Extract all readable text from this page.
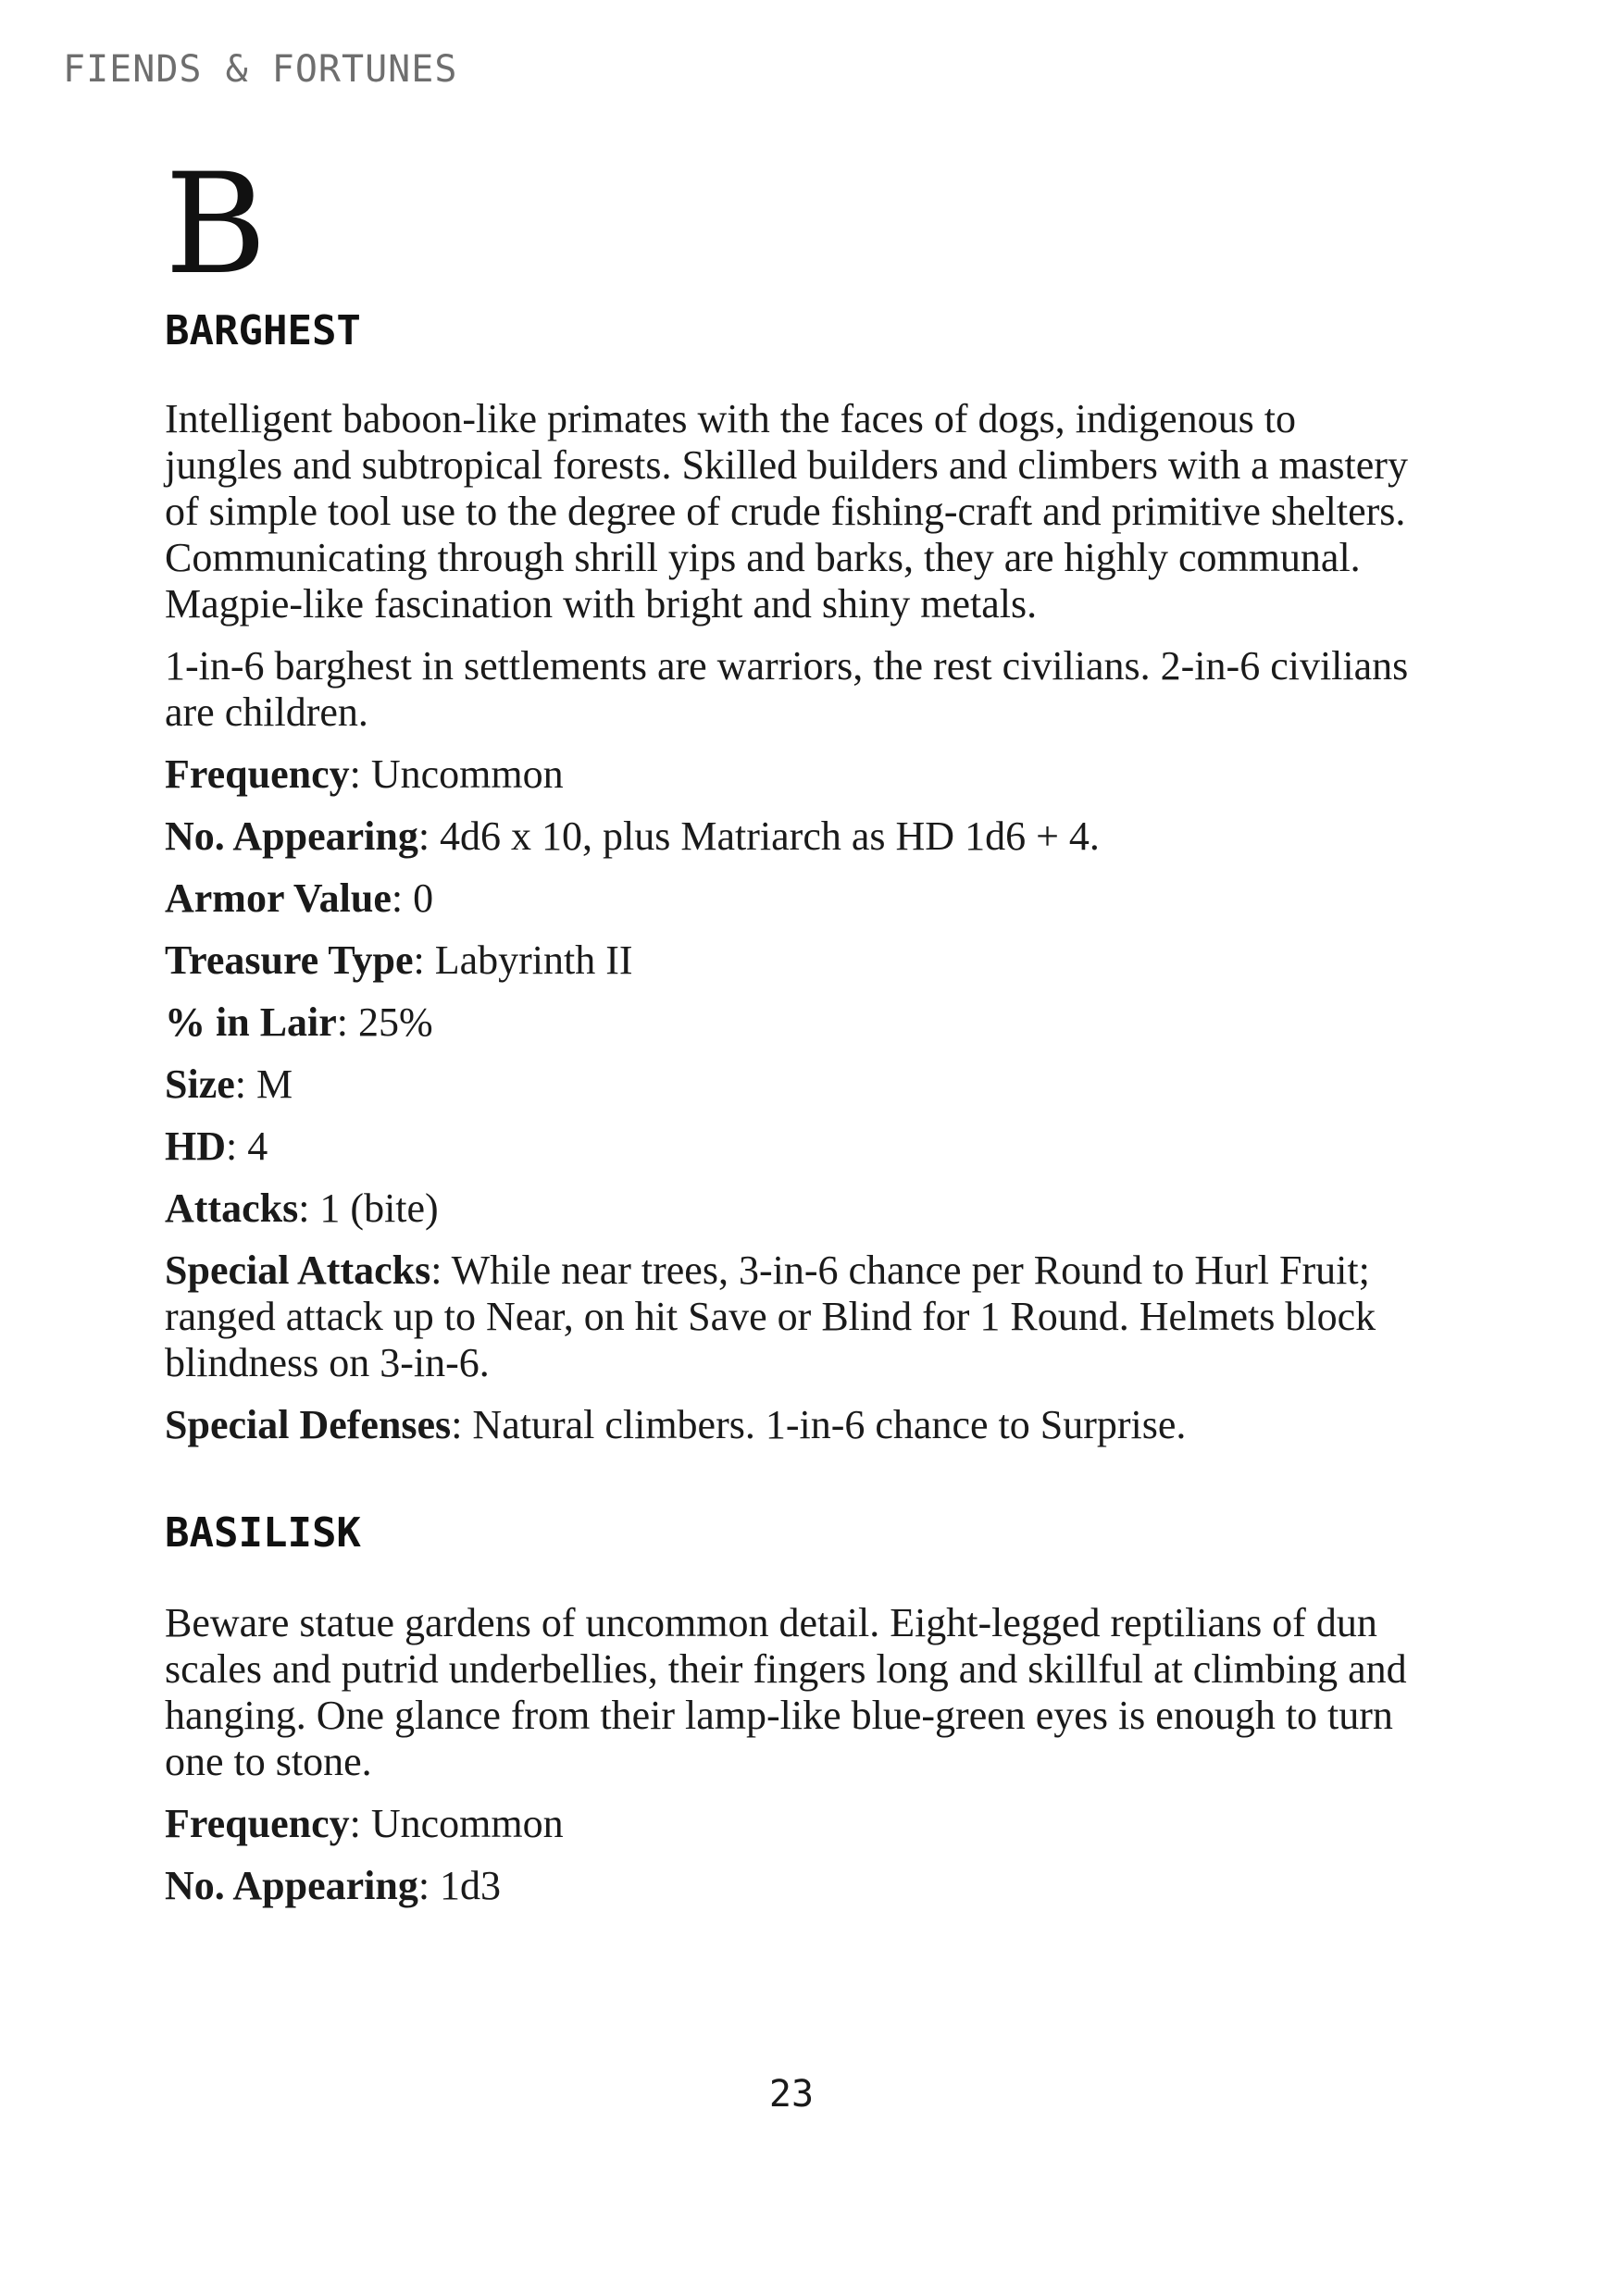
FIENDS & FORTUNES
B
BARGHEST

Intelligent baboon-like primates with the faces of dogs, indigenous to jungles and subtropical forests. Skilled builders and climbers with a mastery of simple tool use to the degree of crude fishing-craft and primitive shelters. Communicating through shrill yips and barks, they are highly communal. Magpie-like fascination with bright and shiny metals.

1-in-6 barghest in settlements are warriors, the rest civilians. 2-in-6 civilians are children.

Frequency: Uncommon

No. Appearing: 4d6 x 10, plus Matriarch as HD 1d6 + 4.

Armor Value: 0

Treasure Type: Labyrinth II

% in Lair: 25%

Size: M

HD: 4

Attacks: 1 (bite)

Special Attacks: While near trees, 3-in-6 chance per Round to Hurl Fruit; ranged attack up to Near, on hit Save or Blind for 1 Round. Helmets block blindness on 3-in-6.

Special Defenses: Natural climbers. 1-in-6 chance to Surprise.

BASILISK

Beware statue gardens of uncommon detail. Eight-legged reptilians of dun scales and putrid underbellies, their fingers long and skillful at climbing and hanging. One glance from their lamp-like blue-green eyes is enough to turn one to stone.

Frequency: Uncommon

No. Appearing: 1d3

23
